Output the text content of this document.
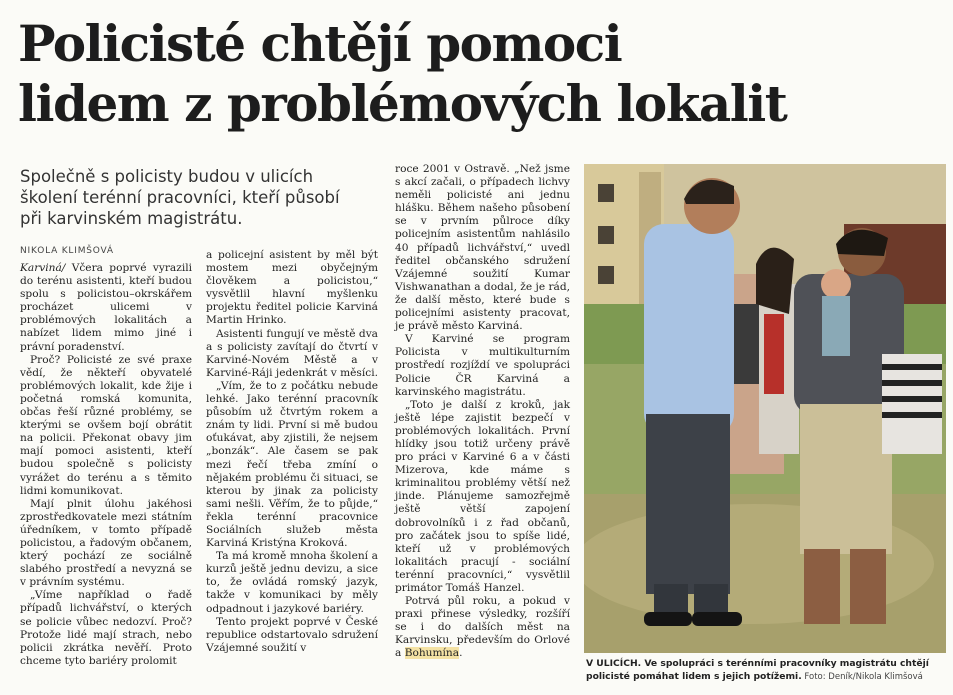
Policisté chtějí pomoci
lidem z problémových lokalit
Společně s policisty budou v ulicích
školení terénní pracovníci, kteří působí
při karvinském magistrátu.
NIKOLA KLIMŠOVÁ

Karviná/ Včera poprvé vyrazili do terénu asistenti, kteří budou spolu s policistou–okrskářem procházet ulicemi v problémových lokalitách a nabízet lidem mimo jiné i právní poradenství.

Proč? Policisté ze své praxe vědí, že někteří obyvatelé problémových lokalit, kde žije i početná romská komunita, občas řeší různé problémy, se kterými se ovšem bojí obrátit na policii. Překonat obavy jim mají pomoci asistenti, kteří budou společně s policisty vyrážet do terénu a s těmito lidmi komunikovat.

Mají plnit úlohu jakéhosi zprostředkovatele mezi státním úředníkem, v tomto případě policistou, a řadovým občanem, který pochází ze sociálně slabého prostředí a nevyzná se v právním systému.

„Víme například o řadě případů lichvářství, o kterých se policie vůbec nedozví. Proč? Protože lidé mají strach, nebo policii zkrátka nevěří. Proto chceme tyto bariéry prolomit

a policejní asistent by měl být mostem mezi obyčejným člověkem a policistou,“ vysvětlil hlavní myšlenku projektu ředitel policie Karviná Martin Hrinko.

Asistenti fungují ve městě dva a s policisty zavítají do čtvrtí v Karviné-Novém Městě a v Karviné-Ráji jedenkrát v měsíci.

„Vím, že to z počátku nebude lehké. Jako terénní pracovník působím už čtvrtým rokem a znám ty lidi. První si mě budou oťukávat, aby zjistili, že nejsem „bonzák“. Ale časem se pak mezi řečí třeba zmíní o nějakém problému či situaci, se kterou by jinak za policisty sami nešli. Věřím, že to půjde,“ řekla terénní pracovnice Sociálních služeb města Karviná Kristýna Kroková.

Ta má kromě mnoha školení a kurzů ještě jednu devizu, a sice to, že ovládá romský jazyk, takže v komunikaci by měly odpadnout i jazykové bariéry.

Tento projekt poprvé v České republice odstartovalo sdružení Vzájemné soužití v

roce 2001 v Ostravě. „Než jsme s akcí začali, o případech lichvy neměli policisté ani jednu hlášku. Během našeho působení se v prvním půlroce díky policejním asistentům nahlásilo 40 případů lichvářství,“ uvedl ředitel občanského sdružení Vzájemné soužití Kumar Vishwanathan a dodal, že je rád, že další město, které bude s policejními asistenty pracovat, je právě město Karviná.

V Karviné se program Policista v multikulturním prostředí rozjíždí ve spolupráci Policie ČR Karviná a karvinského magistrátu.

„Toto je další z kroků, jak ještě lépe zajistit bezpečí v problémových lokalitách. První hlídky jsou totiž určeny právě pro práci v Karviné 6 a v části Mizerova, kde máme s kriminalitou problémy větší než jinde. Plánujeme samozřejmě ještě větší zapojení dobrovolníků i z řad občanů, pro začátek jsou to spíše lidé, kteří už v problémových lokalitách pracují - sociální terénní pracovníci,“ vysvětlil primátor Tomáš Hanzel.

Potrvá půl roku, a pokud v praxi přinese výsledky, rozšíří se i do dalších měst na Karvinsku, především do Orlové a Bohumína.

V ULICÍCH. Ve spolupráci s terénními pracovníky magistrátu chtějí policisté pomáhat lidem s jejich potížemi. Foto: Deník/Nikola Klimšová
